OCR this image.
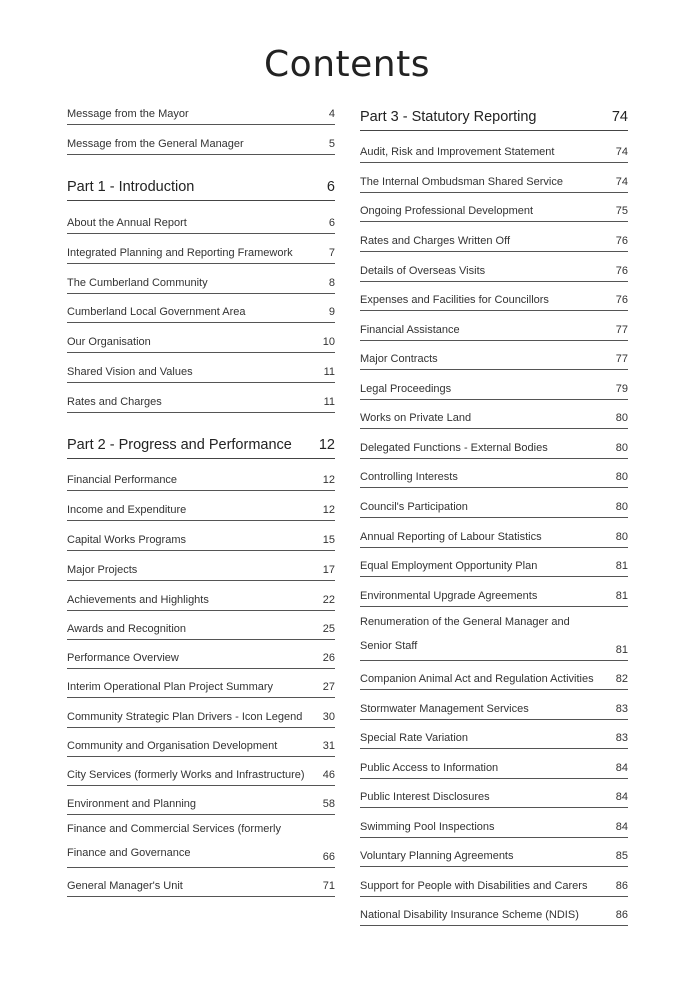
Contents
Message from the Mayor	4
Message from the General Manager	5
Part 1 - Introduction	6
About the Annual Report	6
Integrated Planning and Reporting Framework	7
The Cumberland Community	8
Cumberland Local Government Area	9
Our Organisation	10
Shared Vision and Values	11
Rates and Charges	11
Part 2 - Progress and Performance	12
Financial Performance	12
Income and Expenditure	12
Capital Works Programs	15
Major Projects	17
Achievements and Highlights	22
Awards and Recognition	25
Performance Overview	26
Interim Operational Plan Project Summary	27
Community Strategic Plan Drivers - Icon Legend	30
Community and Organisation Development	31
City Services (formerly Works and Infrastructure)	46
Environment and Planning	58
Finance and Commercial Services (formerly Finance and Governance	66
General Manager's Unit	71
Part 3 - Statutory Reporting	74
Audit, Risk and Improvement Statement	74
The Internal Ombudsman Shared Service	74
Ongoing Professional Development	75
Rates and Charges Written Off	76
Details of Overseas Visits	76
Expenses and Facilities for Councillors	76
Financial Assistance	77
Major Contracts	77
Legal Proceedings	79
Works on Private Land	80
Delegated Functions - External Bodies	80
Controlling Interests	80
Council's Participation	80
Annual Reporting of Labour Statistics	80
Equal Employment Opportunity Plan	81
Environmental Upgrade Agreements	81
Renumeration of the General Manager and Senior Staff	81
Companion Animal Act and Regulation Activities	82
Stormwater Management Services	83
Special Rate Variation	83
Public Access to Information	84
Public Interest Disclosures	84
Swimming Pool Inspections	84
Voluntary Planning Agreements	85
Support for People with Disabilities and Carers	86
National Disability Insurance Scheme (NDIS)	86
